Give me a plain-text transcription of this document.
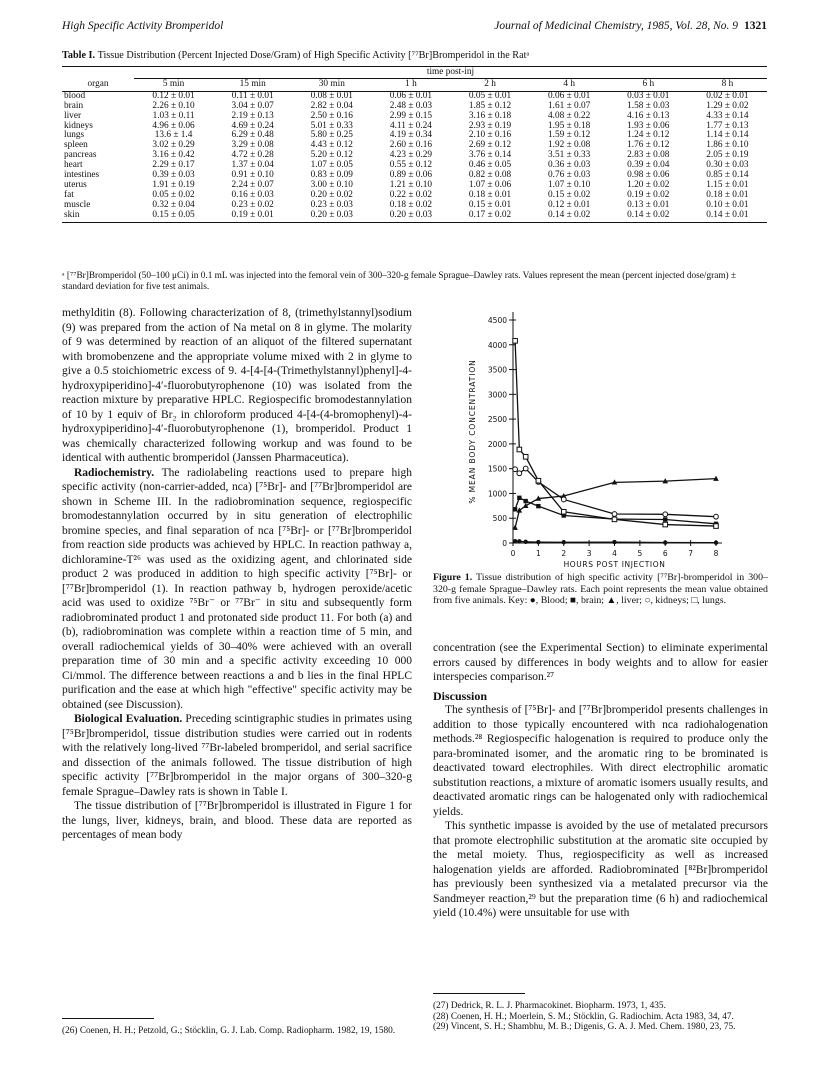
High Specific Activity Bromperidol	Journal of Medicinal Chemistry, 1985, Vol. 28, No. 9 1321
Table I. Tissue Distribution (Percent Injected Dose/Gram) of High Specific Activity [⁷⁷Br]Bromperidol in the Ratᵃ

	time post-inj							
organ	5 min	15 min	30 min	1 h	2 h	4 h	6 h	8 h
blood	0.12 ± 0.01	0.11 ± 0.01	0.08 ± 0.01	0.06 ± 0.01	0.05 ± 0.01	0.06 ± 0.01	0.03 ± 0.01	0.02 ± 0.01
brain	2.26 ± 0.10	3.04 ± 0.07	2.82 ± 0.04	2.48 ± 0.03	1.85 ± 0.12	1.61 ± 0.07	1.58 ± 0.03	1.29 ± 0.02
liver	1.03 ± 0.11	2.19 ± 0.13	2.50 ± 0.16	2.99 ± 0.15	3.16 ± 0.18	4.08 ± 0.22	4.16 ± 0.13	4.33 ± 0.14
kidneys	4.96 ± 0.06	4.69 ± 0.24	5.01 ± 0.33	4.11 ± 0.24	2.93 ± 0.19	1.95 ± 0.18	1.93 ± 0.06	1.77 ± 0.13
lungs	13.6 ± 1.4	6.29 ± 0.48	5.80 ± 0.25	4.19 ± 0.34	2.10 ± 0.16	1.59 ± 0.12	1.24 ± 0.12	1.14 ± 0.14
spleen	3.02 ± 0.29	3.29 ± 0.08	4.43 ± 0.12	2.60 ± 0.16	2.69 ± 0.12	1.92 ± 0.08	1.76 ± 0.12	1.86 ± 0.10
pancreas	3.16 ± 0.42	4.72 ± 0.28	5.20 ± 0.12	4.23 ± 0.29	3.76 ± 0.14	3.51 ± 0.33	2.83 ± 0.08	2.05 ± 0.19
heart	2.29 ± 0.17	1.37 ± 0.04	1.07 ± 0.05	0.55 ± 0.12	0.46 ± 0.05	0.36 ± 0.03	0.39 ± 0.04	0.30 ± 0.03
intestines	0.39 ± 0.03	0.91 ± 0.10	0.83 ± 0.09	0.89 ± 0.06	0.82 ± 0.08	0.76 ± 0.03	0.98 ± 0.06	0.85 ± 0.14
uterus	1.91 ± 0.19	2.24 ± 0.07	3.00 ± 0.10	1.21 ± 0.10	1.07 ± 0.06	1.07 ± 0.10	1.20 ± 0.02	1.15 ± 0.01
fat	0.05 ± 0.02	0.16 ± 0.03	0.20 ± 0.02	0.22 ± 0.02	0.18 ± 0.01	0.15 ± 0.02	0.19 ± 0.02	0.18 ± 0.01
muscle	0.32 ± 0.04	0.23 ± 0.02	0.23 ± 0.03	0.18 ± 0.02	0.15 ± 0.01	0.12 ± 0.01	0.13 ± 0.01	0.10 ± 0.01
skin	0.15 ± 0.05	0.19 ± 0.01	0.20 ± 0.03	0.20 ± 0.03	0.17 ± 0.02	0.14 ± 0.02	0.14 ± 0.02	0.14 ± 0.01
ᵃ [⁷⁷Br]Bromperidol (50–100 μCi) in 0.1 mL was injected into the femoral vein of 300–320-g female Sprague–Dawley rats. Values represent the mean (percent injected dose/gram) ± standard deviation for five test animals.

methylditin (8). Following characterization of 8, (trimethylstannyl)sodium (9) was prepared from the action of Na metal on 8 in glyme. The molarity of 9 was determined by reaction of an aliquot of the filtered supernatant with bromobenzene and the appropriate volume mixed with 2 in glyme to give a 0.5 stoichiometric excess of 9. 4-[4-[4-(Trimethylstannyl)phenyl]-4-hydroxypiperidino]-4′-fluorobutyrophenone (10) was isolated from the reaction mixture by preparative HPLC. Regiospecific bromodestannylation of 10 by 1 equiv of Br₂ in chloroform produced 4-[4-(4-bromophenyl)-4-hydroxypiperidino]-4′-fluorobutyrophenone (1), bromperidol. Product 1 was chemically characterized following workup and was found to be identical with authentic bromperidol (Janssen Pharmaceutica).

Radiochemistry. The radiolabeling reactions used to prepare high specific activity (non-carrier-added, nca) [⁷⁵Br]- and [⁷⁷Br]bromperidol are shown in Scheme III. In the radiobromination sequence, regiospecific bromodestannylation occurred by in situ generation of electrophilic bromine species, and final separation of nca [⁷⁵Br]- or [⁷⁷Br]bromperidol from reaction side products was achieved by HPLC. In reaction pathway a, dichloramine-T²⁶ was used as the oxidizing agent, and chlorinated side product 2 was produced in addition to high specific activity [⁷⁵Br]- or [⁷⁷Br]bromperidol (1). In reaction pathway b, hydrogen peroxide/acetic acid was used to oxidize ⁷⁵Br⁻ or ⁷⁷Br⁻ in situ and subsequently form radiobrominated product 1 and protonated side product 11. For both (a) and (b), radiobromination was complete within a reaction time of 5 min, and overall radiochemical yields of 30–40% were achieved with an overall preparation time of 30 min and a specific activity exceeding 10 000 Ci/mmol. The difference between reactions a and b lies in the final HPLC purification and the ease at which high "effective" specific activity may be obtained (see Discussion).

Biological Evaluation. Preceding scintigraphic studies in primates using [⁷⁵Br]bromperidol, tissue distribution studies were carried out in rodents with the relatively long-lived ⁷⁷Br-labeled bromperidol, and serial sacrifice and dissection of the animals followed. The tissue distribution of high specific activity [⁷⁷Br]bromperidol in the major organs of 300–320-g female Sprague–Dawley rats is shown in Table I.

The tissue distribution of [⁷⁷Br]bromperidol is illustrated in Figure 1 for the lungs, liver, kidneys, brain, and blood. These data are reported as percentages of mean body

(26) Coenen, H. H.; Petzold, G.; Stöcklin, G. J. Lab. Comp. Radiopharm. 1982, 19, 1580.
0
500
1000
1500
2000
2500
3000
3500
4000
4500
0	1	2	3	4	5	6	7	8
HOURS POST INJECTION
% MEAN BODY CONCENTRATION
Figure 1. Tissue distribution of high specific activity [⁷⁷Br]-bromperidol in 300–320-g female Sprague–Dawley rats. Each point represents the mean value obtained from five animals. Key: ●, Blood; ■, brain; ▲, liver; ○, kidneys; □, lungs.

concentration (see the Experimental Section) to eliminate experimental errors caused by differences in body weights and to allow for easier interspecies comparison.²⁷

Discussion

The synthesis of [⁷⁵Br]- and [⁷⁷Br]bromperidol presents challenges in addition to those typically encountered with nca radiohalogenation methods.²⁸ Regiospecific halogenation is required to produce only the para-brominated isomer, and the aromatic ring to be brominated is deactivated toward electrophiles. With direct electrophilic aromatic substitution reactions, a mixture of aromatic isomers usually results, and deactivated aromatic rings can be halogenated only with radiochemical yields.

This synthetic impasse is avoided by the use of metalated precursors that promote electrophilic substitution at the aromatic site occupied by the metal moiety. Thus, regiospecificity as well as increased halogenation yields are afforded. Radiobrominated [⁸²Br]bromperidol has previously been synthesized via a metalated precursor via the Sandmeyer reaction,²⁹ but the preparation time (6 h) and radiochemical yield (10.4%) were unsuitable for use with

(27) Dedrick, R. L. J. Pharmacokinet. Biopharm. 1973, 1, 435.
(28) Coenen, H. H.; Moerlein, S. M.; Stöcklin, G. Radiochim. Acta 1983, 34, 47.
(29) Vincent, S. H.; Shambhu, M. B.; Digenis, G. A. J. Med. Chem. 1980, 23, 75.
